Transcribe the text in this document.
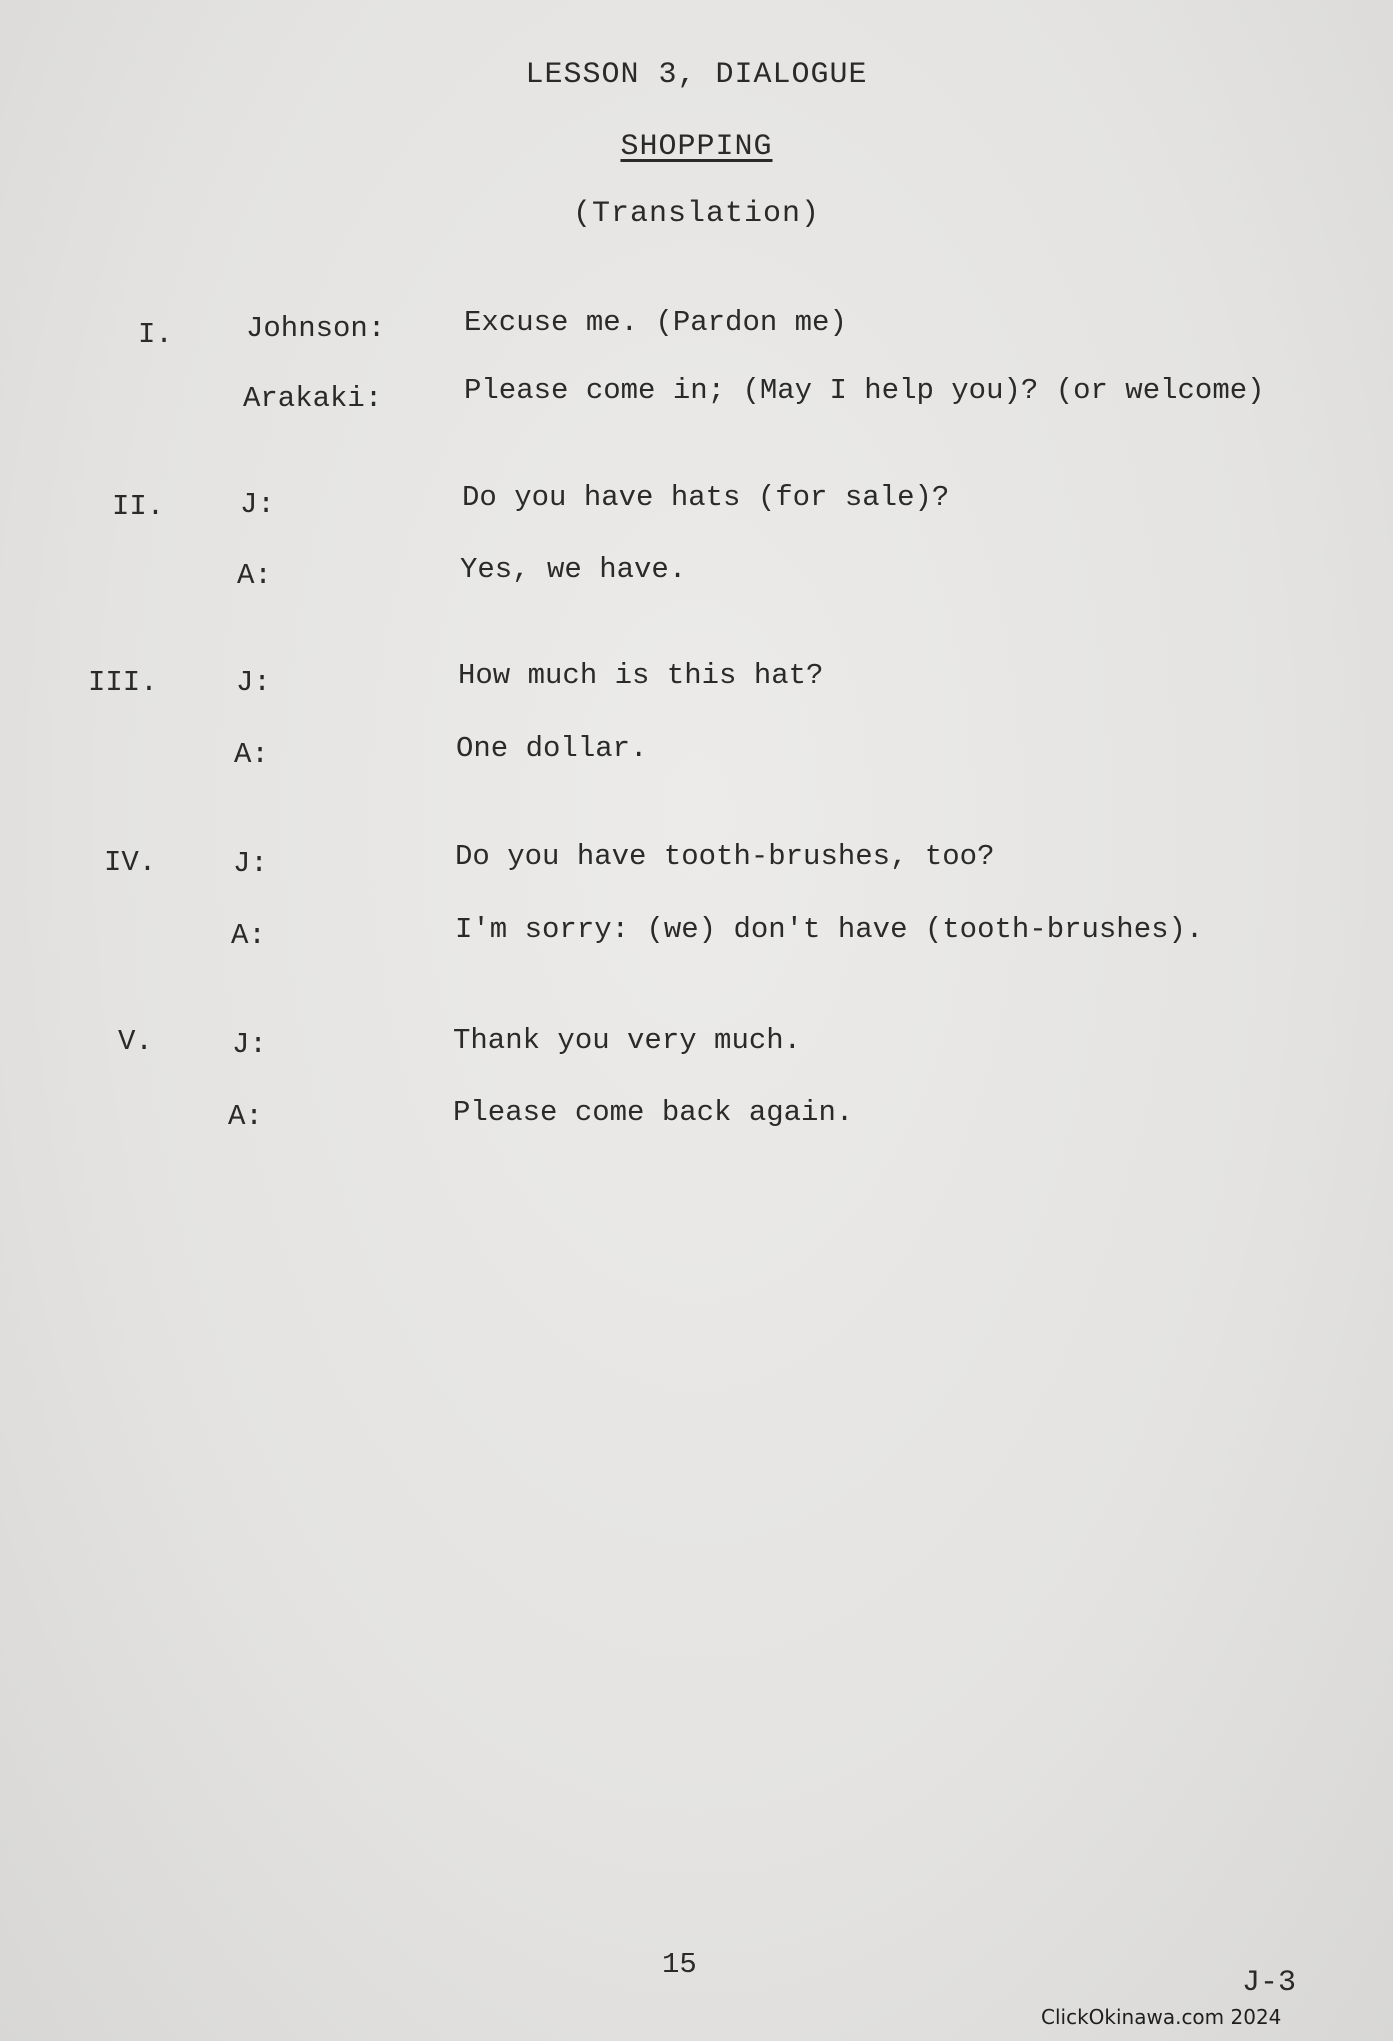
LESSON 3, DIALOGUE
SHOPPING
(Translation)
I.	Johnson:	Excuse me. (Pardon me)
Arakaki:	Please come in; (May I help you)? (or welcome)
II.	J:	Do you have hats (for sale)?
A:	Yes, we have.
III.	J:	How much is this hat?
A:	One dollar.
IV.	J:	Do you have tooth-brushes, too?
A:	I'm sorry: (we) don't have (tooth-brushes).
V.	J:	Thank you very much.
A:	Please come back again.
15
J-3
ClickOkinawa.com 2024
